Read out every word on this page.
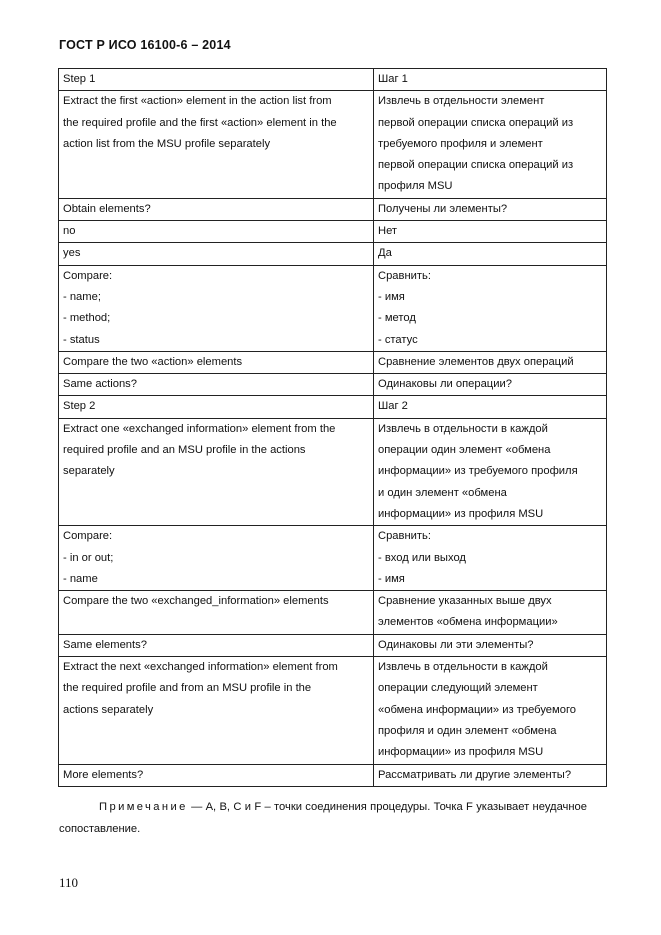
ГОСТ Р ИСО 16100-6 – 2014
Step 1	Шаг 1

Extract the first «action» element in the action list from
the required profile and the first «action» element in the
action list from the MSU profile separately	Извлечь в отдельности элемент
первой операции списка операций из
требуемого профиля и элемент
первой операции списка операций из
профиля MSU

Obtain elements?	Получены ли элементы?

no	Нет

yes	Да

Compare:
- name;
- method;
- status	Сравнить:
- имя
- метод
- статус

Compare the two «action» elements	Сравнение элементов двух операций

Same actions?	Одинаковы ли операции?

Step 2	Шаг 2

Extract one «exchanged information» element from the
required profile and an MSU profile in the actions
separately	Извлечь в отдельности в каждой
операции один элемент «обмена
информации» из требуемого профиля
и один элемент «обмена
информации» из профиля MSU

Compare:
- in or out;
- name	Сравнить:
- вход или выход
- имя

Compare the two «exchanged_information» elements	Сравнение указанных выше двух
элементов «обмена информации»

Same elements?	Одинаковы ли эти элементы?

Extract the next «exchanged information» element from
the required profile and from an MSU profile in the
actions separately	Извлечь в отдельности в каждой
операции следующий элемент
«обмена информации» из требуемого
профиля и один элемент «обмена
информации» из профиля MSU

More elements?	Рассматривать ли другие элементы?
Примечание — A, B, C и F – точки соединения процедуры. Точка F указывает неудачное сопоставление.
110
